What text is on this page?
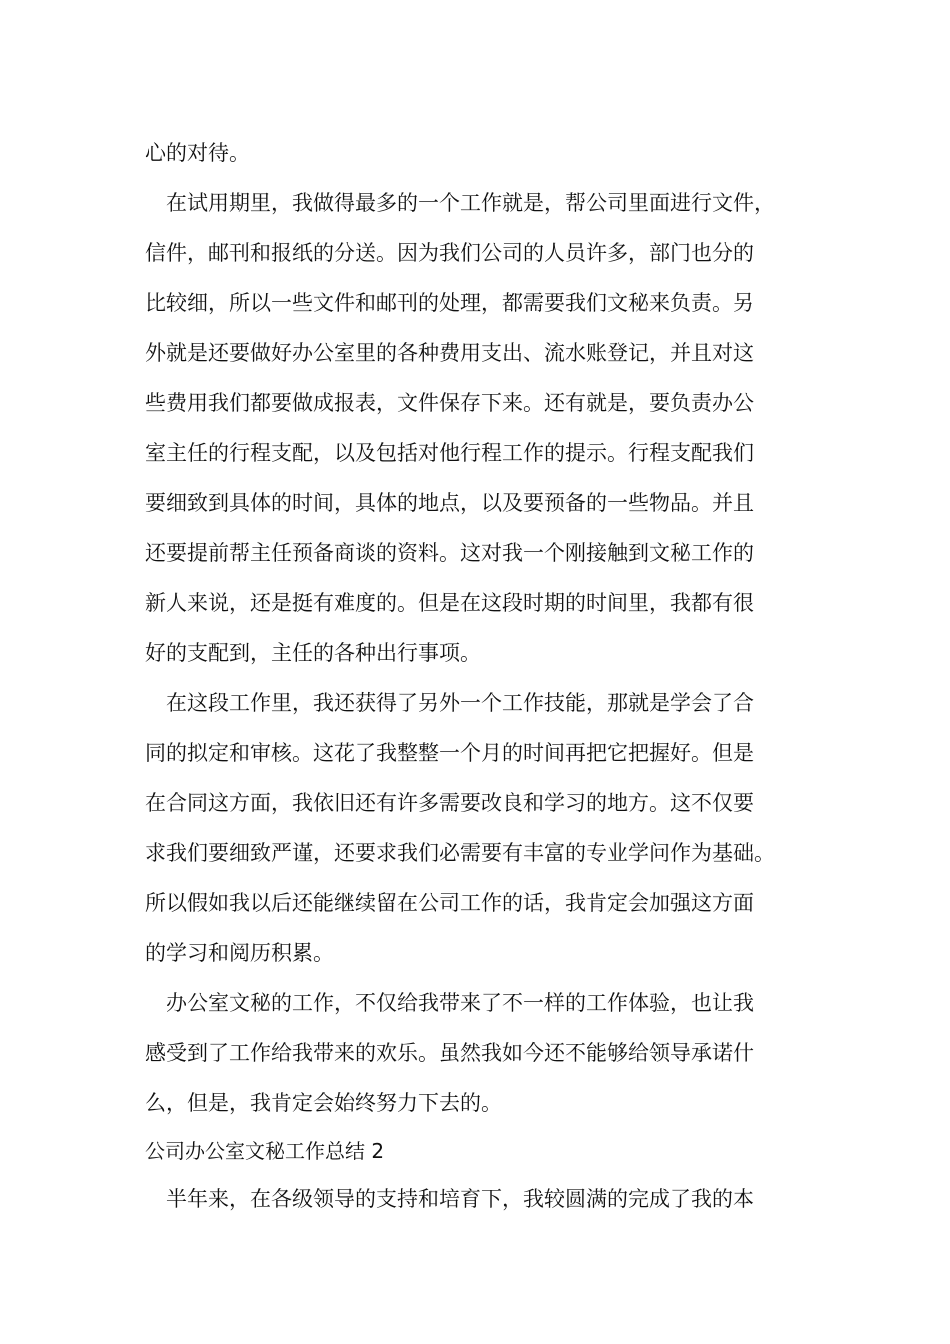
心的对待。
在试用期里，我做得最多的一个工作就是，帮公司里面进行文件，
信件，邮刊和报纸的分送。因为我们公司的人员许多，部门也分的
比较细，所以一些文件和邮刊的处理，都需要我们文秘来负责。另
外就是还要做好办公室里的各种费用支出、流水账登记，并且对这
些费用我们都要做成报表，文件保存下来。还有就是，要负责办公
室主任的行程支配，以及包括对他行程工作的提示。行程支配我们
要细致到具体的时间，具体的地点，以及要预备的一些物品。并且
还要提前帮主任预备商谈的资料。这对我一个刚接触到文秘工作的
新人来说，还是挺有难度的。但是在这段时期的时间里，我都有很
好的支配到，主任的各种出行事项。
在这段工作里，我还获得了另外一个工作技能，那就是学会了合
同的拟定和审核。这花了我整整一个月的时间再把它把握好。但是
在合同这方面，我依旧还有许多需要改良和学习的地方。这不仅要
求我们要细致严谨，还要求我们必需要有丰富的专业学问作为基础。
所以假如我以后还能继续留在公司工作的话，我肯定会加强这方面
的学习和阅历积累。
办公室文秘的工作，不仅给我带来了不一样的工作体验，也让我
感受到了工作给我带来的欢乐。虽然我如今还不能够给领导承诺什
么，但是，我肯定会始终努力下去的。
公司办公室文秘工作总结 2
半年来，在各级领导的支持和培育下，我较圆满的完成了我的本
